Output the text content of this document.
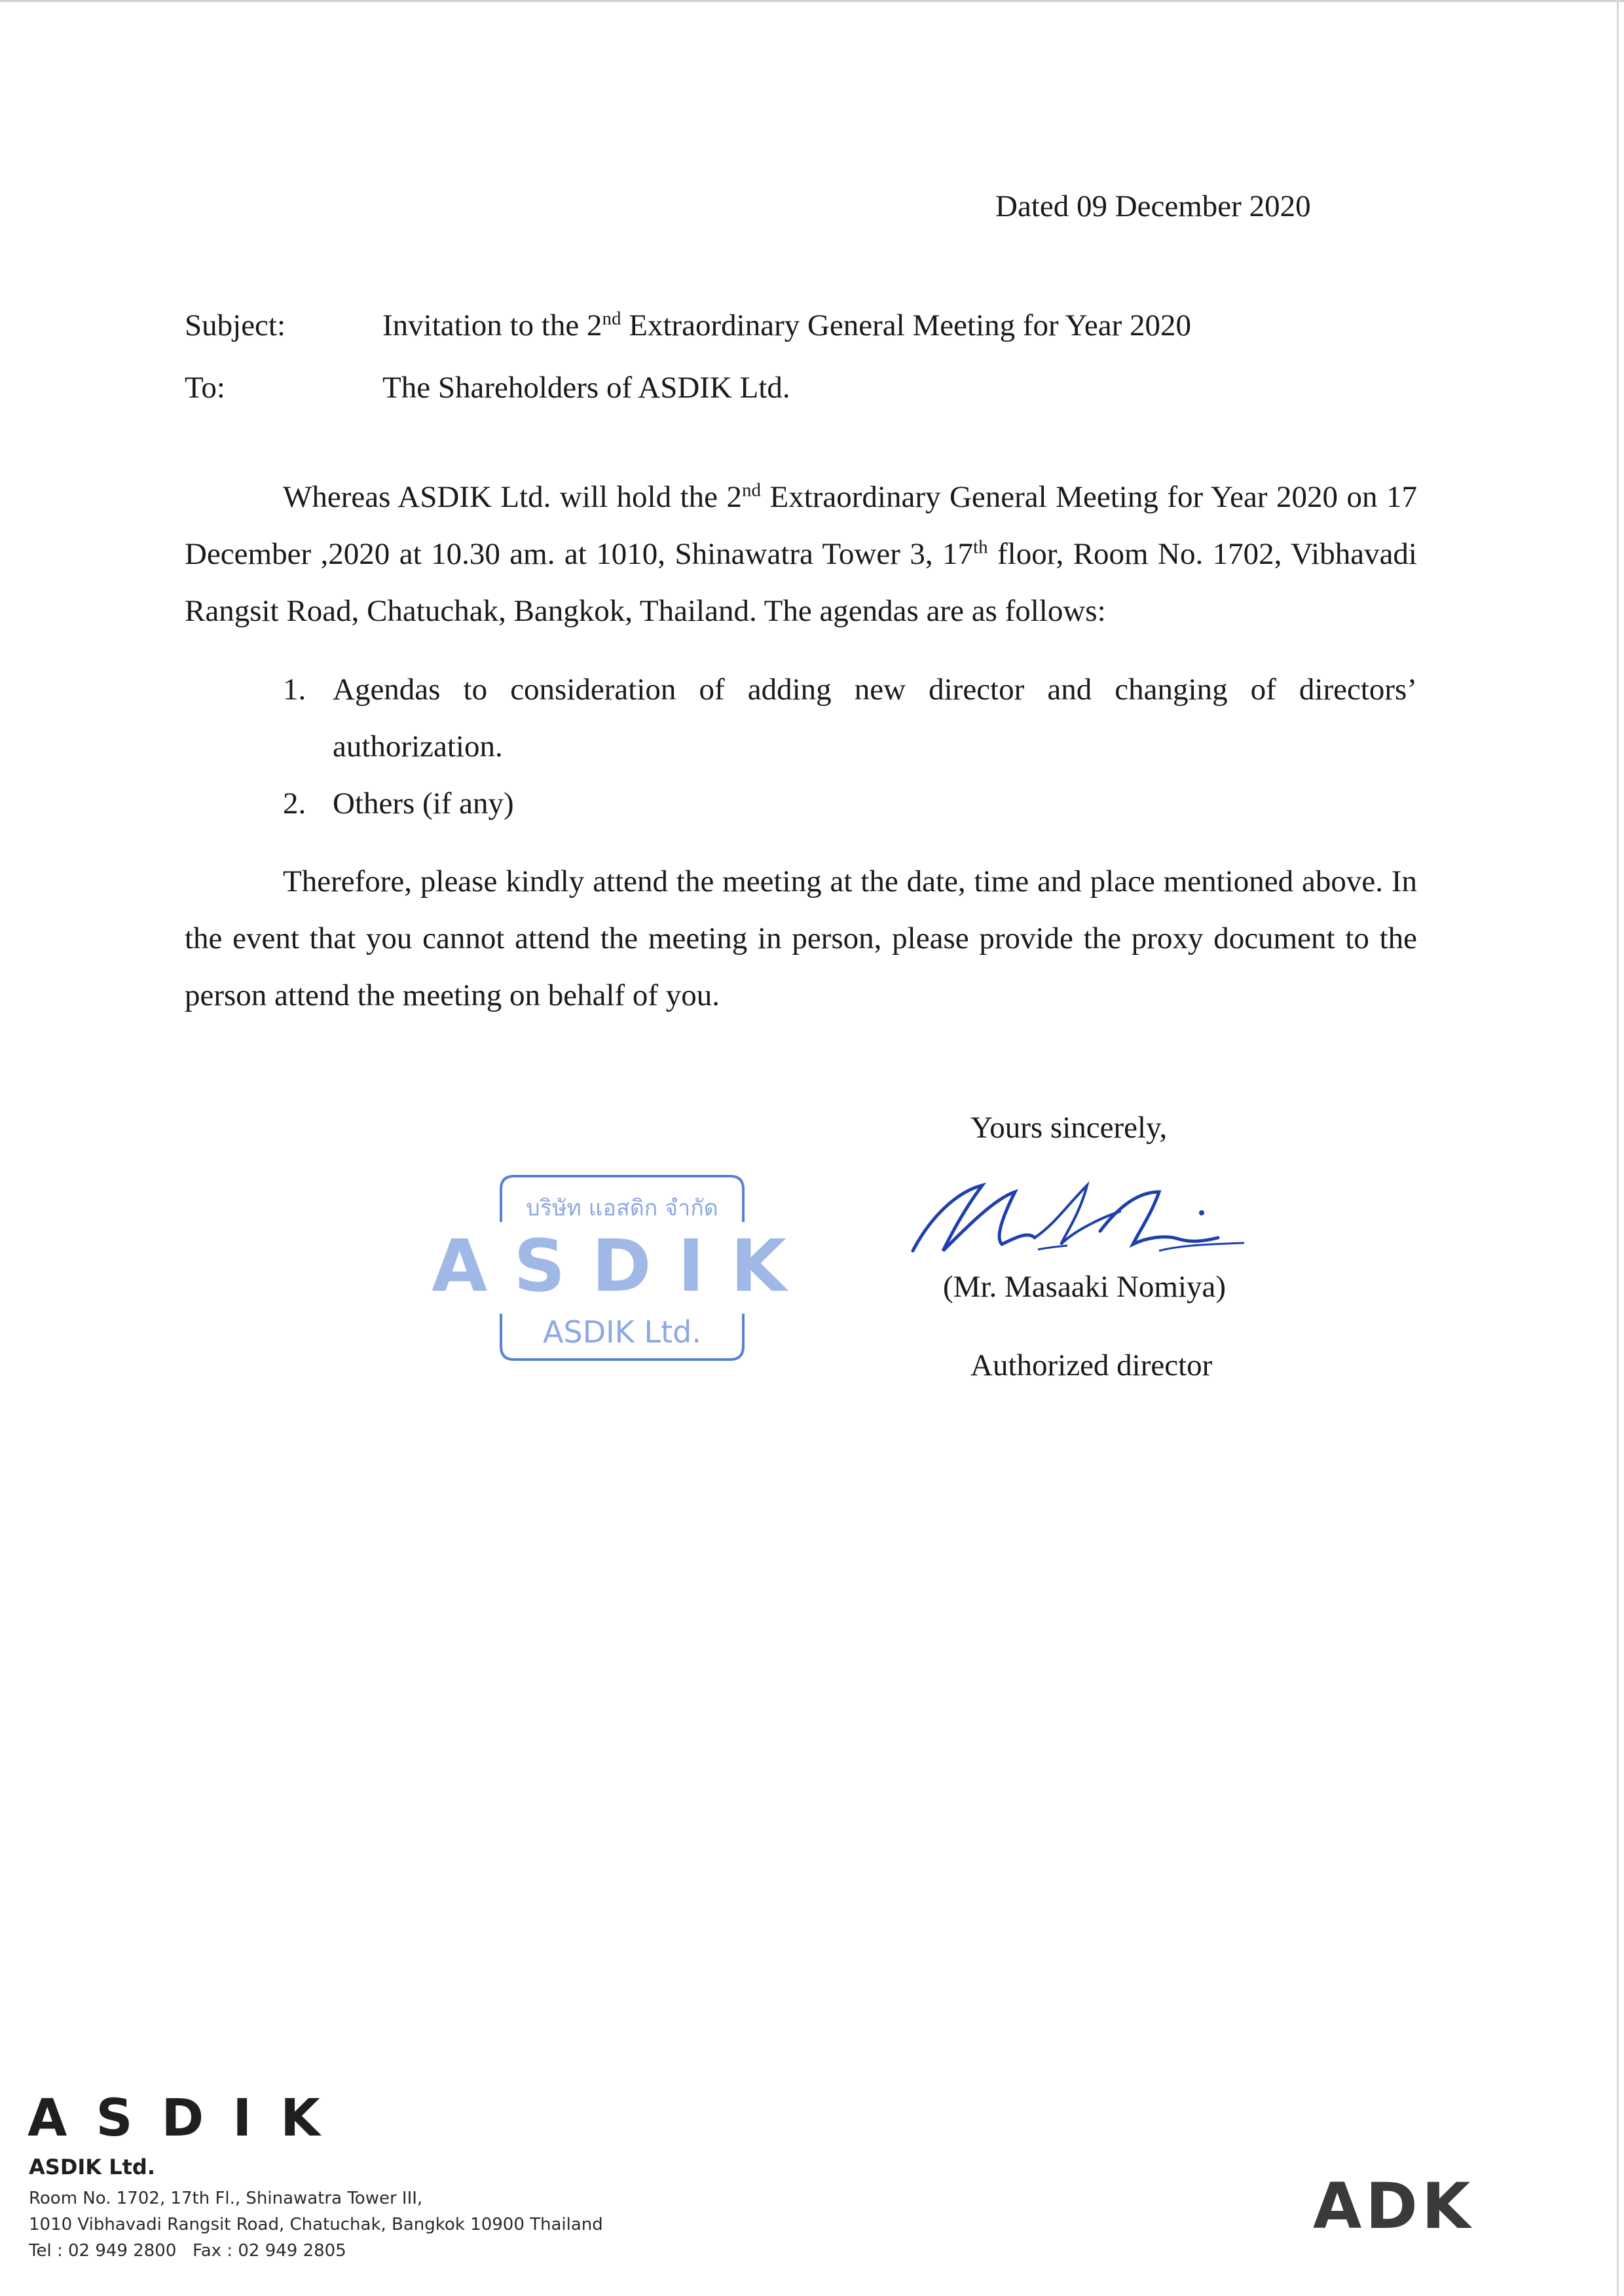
Dated 09 December 2020
Subject:	Invitation to the 2nd Extraordinary General Meeting for Year 2020
To:	The Shareholders of ASDIK Ltd.
Whereas ASDIK Ltd. will hold the 2nd Extraordinary General Meeting for Year 2020 on 17 December ,2020 at 10.30 am. at 1010, Shinawatra Tower 3, 17th floor, Room No. 1702, Vibhavadi Rangsit Road, Chatuchak, Bangkok, Thailand. The agendas are as follows:
1. Agendas to consideration of adding new director and changing of directors’ authorization.
2. Others (if any)
Therefore, please kindly attend the meeting at the date, time and place mentioned above. In the event that you cannot attend the meeting in person, please provide the proxy document to the person attend the meeting on behalf of you.
Yours sincerely,
บริษัท แอสดิก จำกัด
ASDIK
ASDIK Ltd.
(Mr. Masaaki Nomiya)
Authorized director
ASDIK
ASDIK Ltd.
Room No. 1702, 17th Fl., Shinawatra Tower III,
1010 Vibhavadi Rangsit Road, Chatuchak, Bangkok 10900 Thailand
Tel : 02 949 2800   Fax : 02 949 2805
ADK
